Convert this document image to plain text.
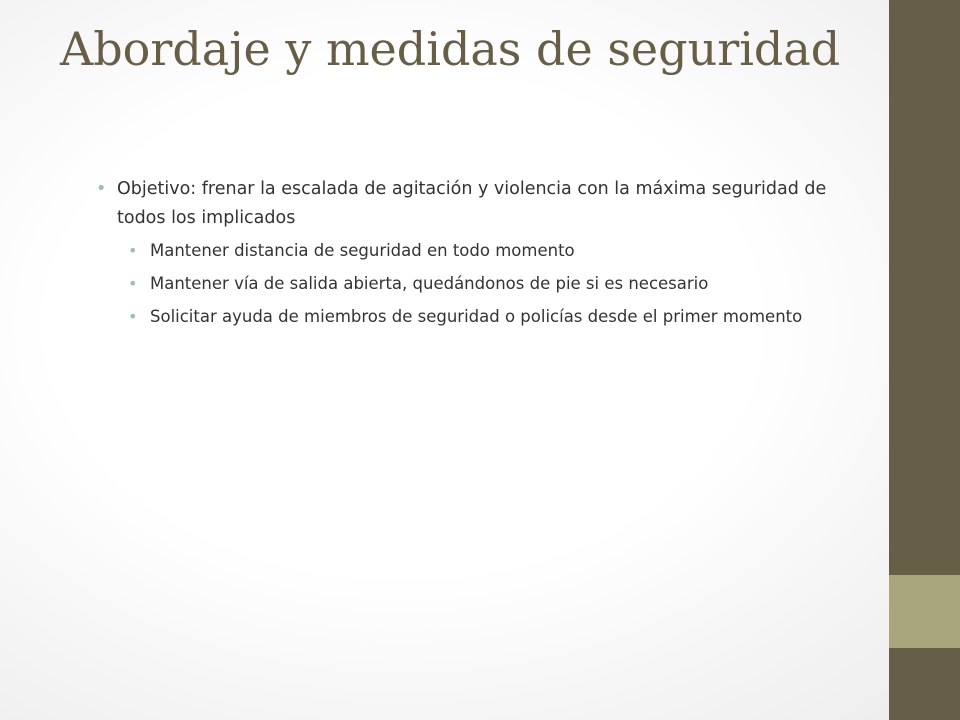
Abordaje y medidas de seguridad
• Objetivo: frenar la escalada de agitación y violencia con la máxima seguridad de todos los implicados
• Mantener distancia de seguridad en todo momento
• Mantener vía de salida abierta, quedándonos de pie si es necesario
• Solicitar ayuda de miembros de seguridad o policías desde el primer momento
